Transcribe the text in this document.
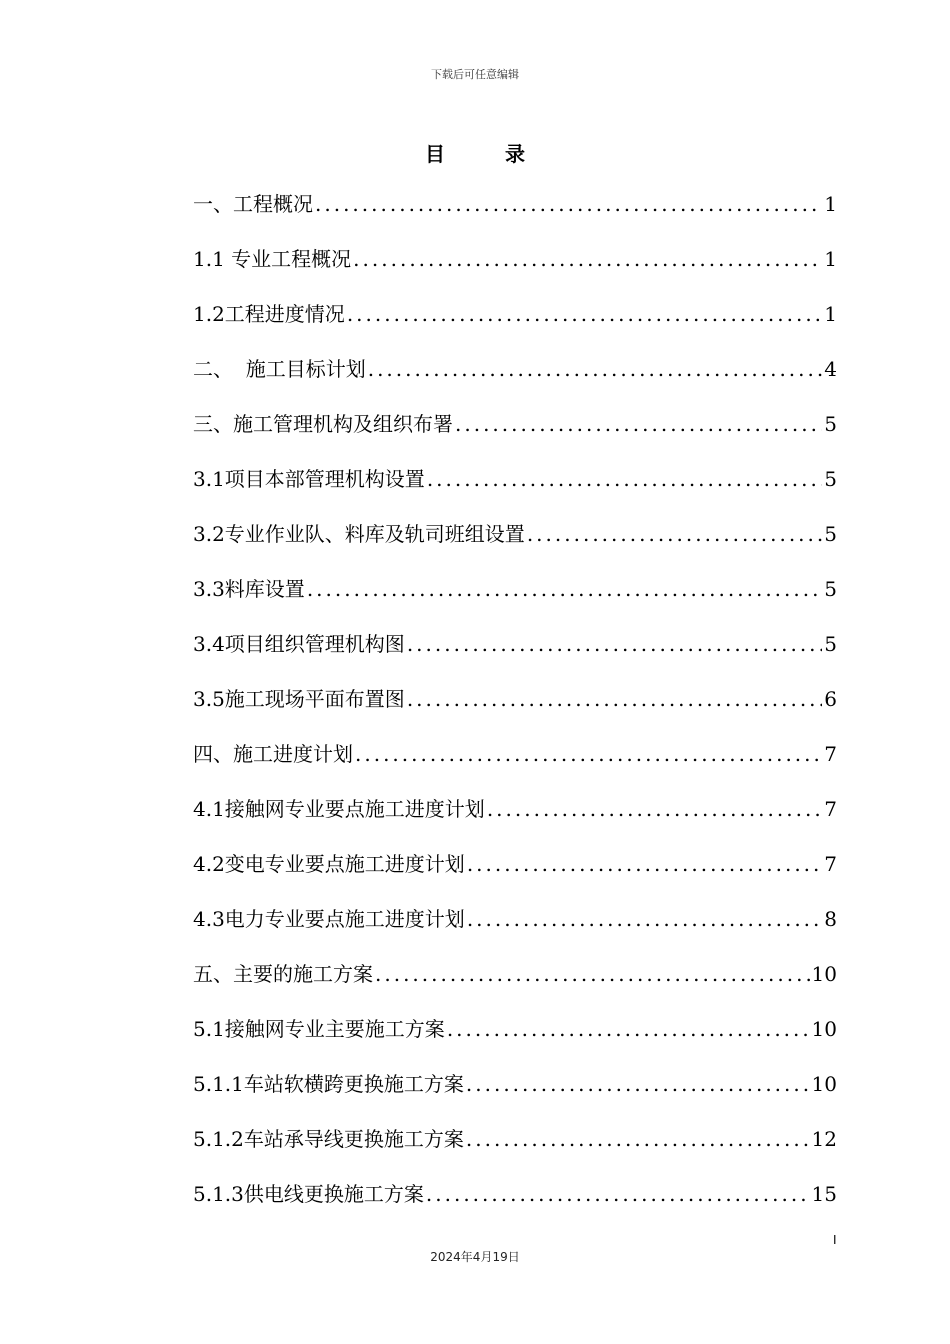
下载后可任意编辑
目录
一、工程概况 .....	1
1.1 专业工程概况 .....	1
1.2工程进度情况 .....	1
二、  施工目标计划 .....	4
三、施工管理机构及组织布署 .....	5
3.1项目本部管理机构设置 .....	5
3.2专业作业队、料库及轨司班组设置 .....	5
3.3料库设置 .....	5
3.4项目组织管理机构图 .....	5
3.5施工现场平面布置图 .....	6
四、施工进度计划 .....	7
4.1接触网专业要点施工进度计划 .....	7
4.2变电专业要点施工进度计划 .....	7
4.3电力专业要点施工进度计划 .....	8
五、主要的施工方案 .....	10
5.1接触网专业主要施工方案 .....	10
5.1.1车站软横跨更换施工方案 .....	10
5.1.2车站承导线更换施工方案 .....	12
5.1.3供电线更换施工方案 .....	15
I
2024年4月19日
